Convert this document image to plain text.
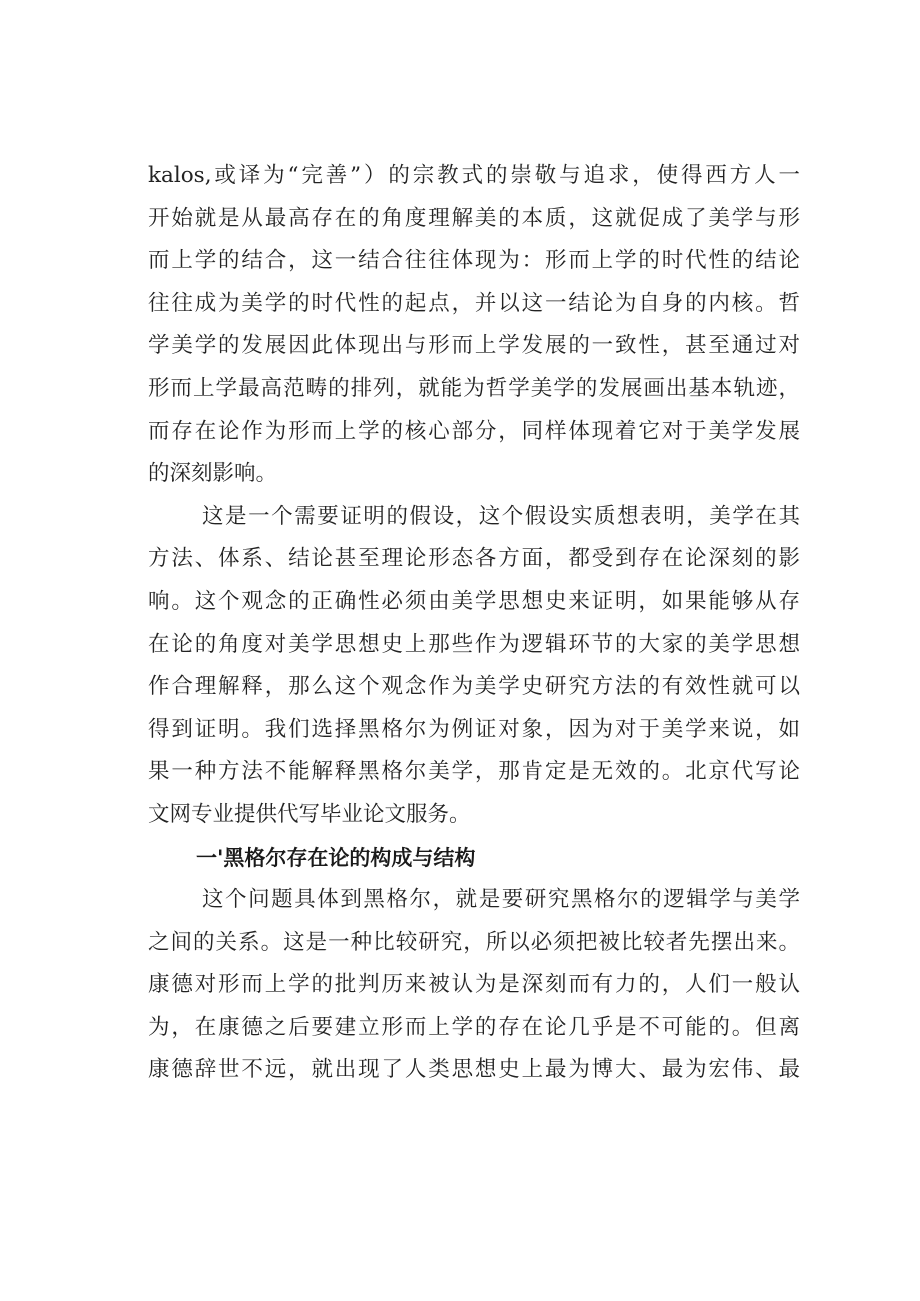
kalos,或译为“完善”）的宗教式的崇敬与追求，使得西方人一
开始就是从最高存在的角度理解美的本质，这就促成了美学与形
而上学的结合，这一结合往往体现为：形而上学的时代性的结论
往往成为美学的时代性的起点，并以这一结论为自身的内核。哲
学美学的发展因此体现出与形而上学发展的一致性，甚至通过对
形而上学最高范畴的排列，就能为哲学美学的发展画出基本轨迹，
而存在论作为形而上学的核心部分，同样体现着它对于美学发展
的深刻影响。
这是一个需要证明的假设，这个假设实质想表明，美学在其
方法、体系、结论甚至理论形态各方面，都受到存在论深刻的影
响。这个观念的正确性必须由美学思想史来证明，如果能够从存
在论的角度对美学思想史上那些作为逻辑环节的大家的美学思想
作合理解释，那么这个观念作为美学史研究方法的有效性就可以
得到证明。我们选择黑格尔为例证对象，因为对于美学来说，如
果一种方法不能解释黑格尔美学，那肯定是无效的。北京代写论
文网专业提供代写毕业论文服务。
一'黑格尔存在论的构成与结构
这个问题具体到黑格尔，就是要研究黑格尔的逻辑学与美学
之间的关系。这是一种比较研究，所以必须把被比较者先摆出来。
康德对形而上学的批判历来被认为是深刻而有力的，人们一般认
为，在康德之后要建立形而上学的存在论几乎是不可能的。但离
康德辞世不远，就出现了人类思想史上最为博大、最为宏伟、最
